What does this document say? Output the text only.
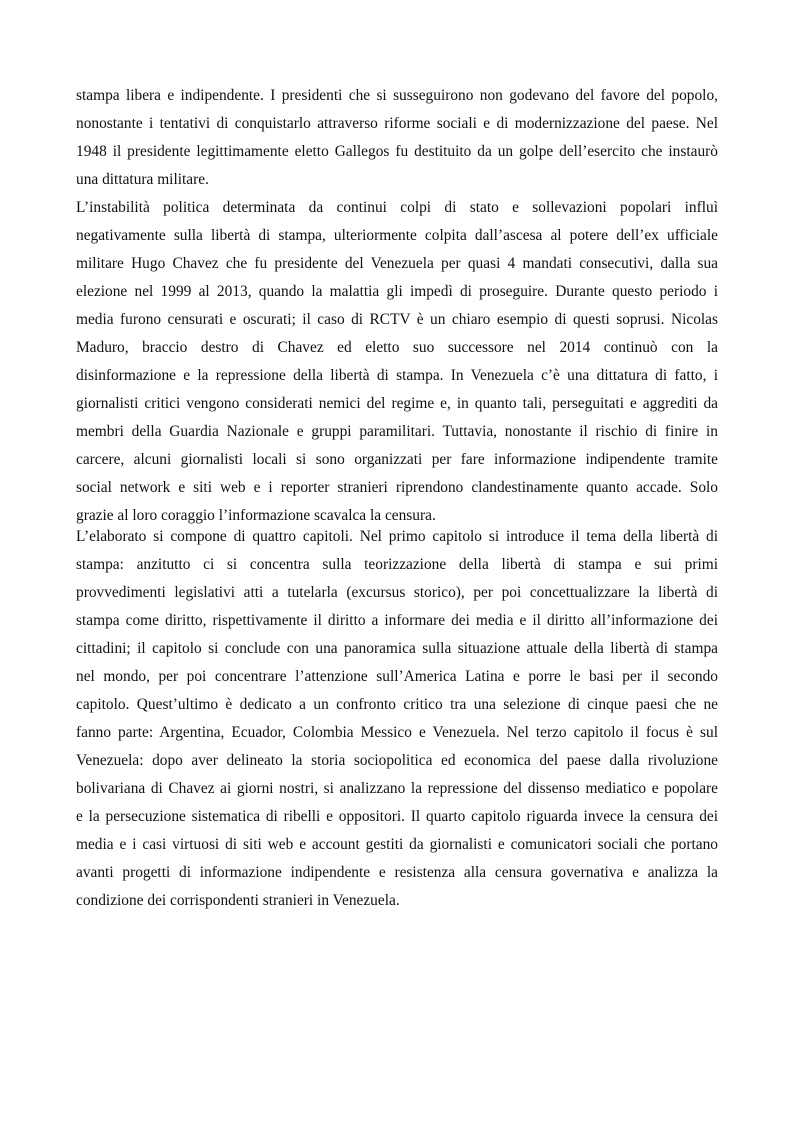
stampa libera e indipendente. I presidenti che si susseguirono non godevano del favore del popolo,
nonostante i tentativi di conquistarlo attraverso riforme sociali e di modernizzazione del paese. Nel
1948 il presidente legittimamente eletto Gallegos fu destituito da un golpe dell’esercito che instaurò
una dittatura militare.
L’instabilità politica determinata da continui colpi di stato e sollevazioni popolari influì
negativamente sulla libertà di stampa, ulteriormente colpita dall’ascesa al potere dell’ex ufficiale
militare Hugo Chavez che fu presidente del Venezuela per quasi 4 mandati consecutivi, dalla sua
elezione nel 1999 al 2013, quando la malattia gli impedì di proseguire. Durante questo periodo i
media furono censurati e oscurati; il caso di RCTV è un chiaro esempio di questi soprusi. Nicolas
Maduro, braccio destro di Chavez ed eletto suo successore nel 2014 continuò con la
disinformazione e la repressione della libertà di stampa. In Venezuela c’è una dittatura di fatto, i
giornalisti critici vengono considerati nemici del regime e, in quanto tali, perseguitati e aggrediti da
membri della Guardia Nazionale e gruppi paramilitari. Tuttavia, nonostante il rischio di finire in
carcere, alcuni giornalisti locali si sono organizzati per fare informazione indipendente tramite
social network e siti web e i reporter stranieri riprendono clandestinamente quanto accade. Solo
grazie al loro coraggio l’informazione scavalca la censura.
L’elaborato si compone di quattro capitoli. Nel primo capitolo si introduce il tema della libertà di
stampa: anzitutto ci si concentra sulla teorizzazione della libertà di stampa e sui primi
provvedimenti legislativi atti a tutelarla (excursus storico), per poi concettualizzare la libertà di
stampa come diritto, rispettivamente il diritto a informare dei media e il diritto all’informazione dei
cittadini; il capitolo si conclude con una panoramica sulla situazione attuale della libertà di stampa
nel mondo, per poi concentrare l’attenzione sull’America Latina e porre le basi per il secondo
capitolo. Quest’ultimo è dedicato a un confronto critico tra una selezione di cinque paesi che ne
fanno parte: Argentina, Ecuador, Colombia Messico e Venezuela. Nel terzo capitolo il focus è sul
Venezuela: dopo aver delineato la storia sociopolitica ed economica del paese dalla rivoluzione
bolivariana di Chavez ai giorni nostri, si analizzano la repressione del dissenso mediatico e popolare
e la persecuzione sistematica di ribelli e oppositori. Il quarto capitolo riguarda invece la censura dei
media e i casi virtuosi di siti web e account gestiti da giornalisti e comunicatori sociali che portano
avanti progetti di informazione indipendente e resistenza alla censura governativa e analizza la
condizione dei corrispondenti stranieri in Venezuela.
